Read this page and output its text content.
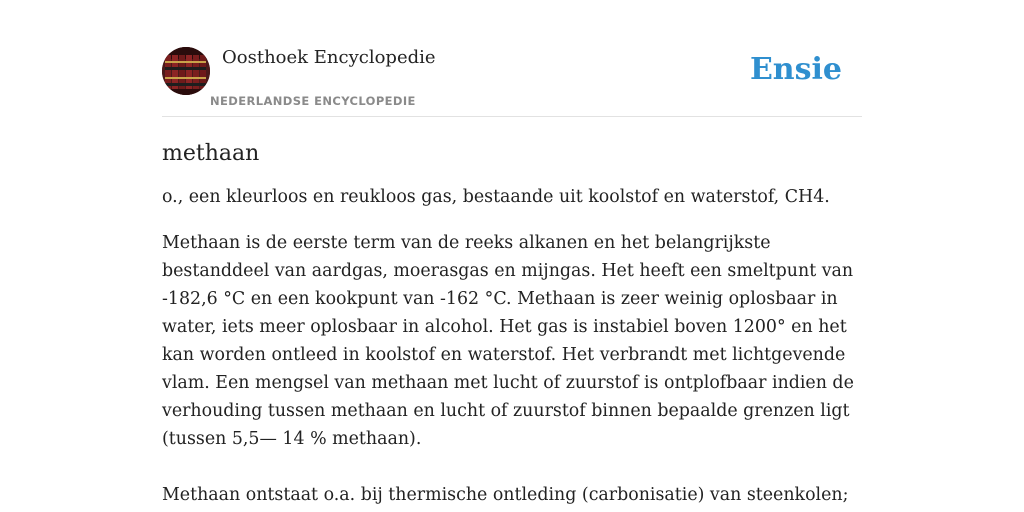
Oosthoek Encyclopedie
NEDERLANDSE ENCYCLOPEDIE
Ensie
methaan

o., een kleurloos en reukloos gas, bestaande uit koolstof en waterstof, CH4.

Methaan is de eerste term van de reeks alkanen en het belangrijkste bestanddeel van aardgas, moerasgas en mijngas. Het heeft een smeltpunt van -182,6 °C en een kookpunt van -162 °C. Methaan is zeer weinig oplosbaar in water, iets meer oplosbaar in alcohol. Het gas is instabiel boven 1200° en het kan worden ontleed in koolstof en waterstof. Het verbrandt met lichtgevende vlam. Een mengsel van methaan met lucht of zuurstof is ontplofbaar indien de verhouding tussen methaan en lucht of zuurstof binnen bepaalde grenzen ligt (tussen 5,5— 14 % methaan).

Methaan ontstaat o.a. bij thermische ontleding (carbonisatie) van steenkolen;
